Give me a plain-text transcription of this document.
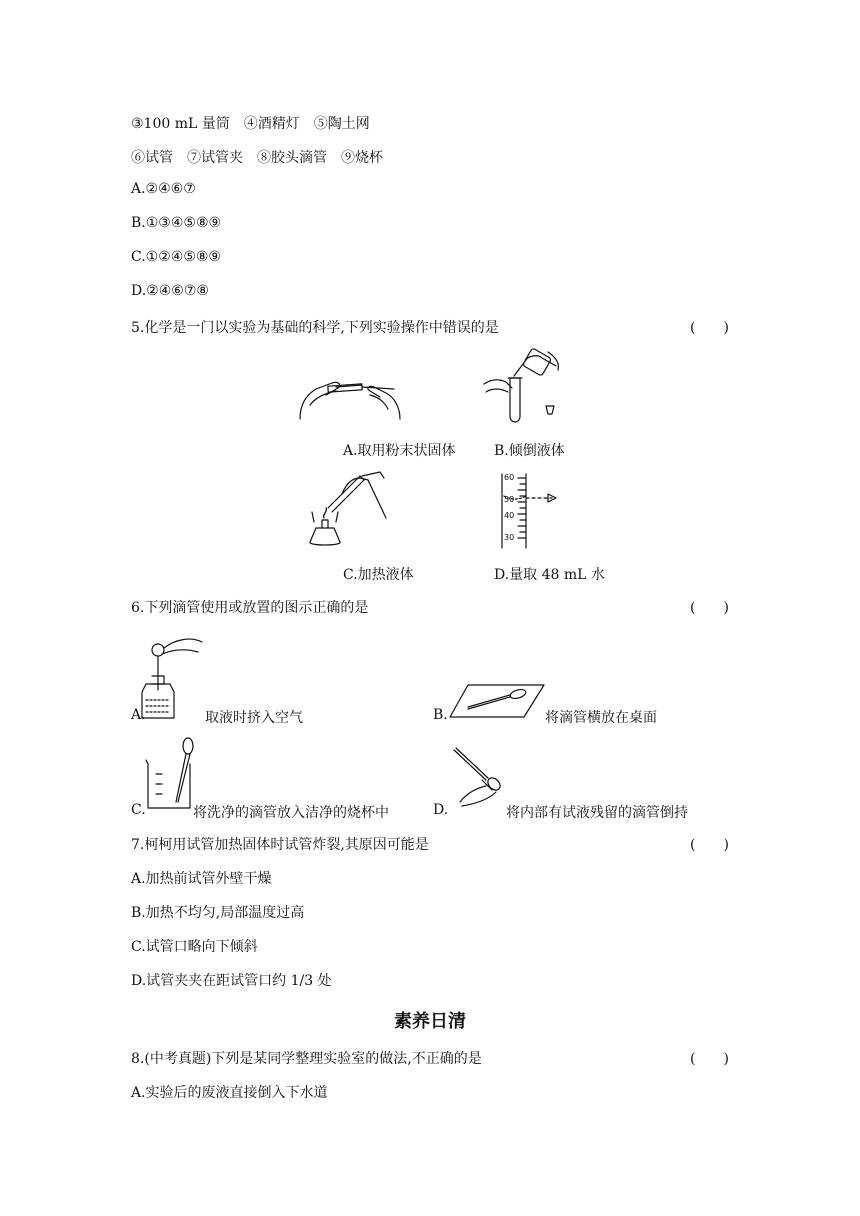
③100 mL 量筒　④酒精灯　⑤陶土网
⑥试管　⑦试管夹　⑧胶头滴管　⑨烧杯
A.②④⑥⑦
B.①③④⑤⑧⑨
C.①②④⑤⑧⑨
D.②④⑥⑦⑧
5.化学是一门以实验为基础的科学,下列实验操作中错误的是	(　　)
A.取用粉末状固体	B.倾倒液体
60
50
40
30
C.加热液体	D.量取 48 mL 水
6.下列滴管使用或放置的图示正确的是	(　　)
A.	取液时挤入空气	B.	将滴管横放在桌面
C.	将洗净的滴管放入洁净的烧杯中	D.	将内部有试液残留的滴管倒持
7.柯柯用试管加热固体时试管炸裂,其原因可能是	(　　)
A.加热前试管外壁干燥
B.加热不均匀,局部温度过高
C.试管口略向下倾斜
D.试管夹夹在距试管口约 1/3 处
素养日清
8.(中考真题)下列是某同学整理实验室的做法,不正确的是	(　　)
A.实验后的废液直接倒入下水道
